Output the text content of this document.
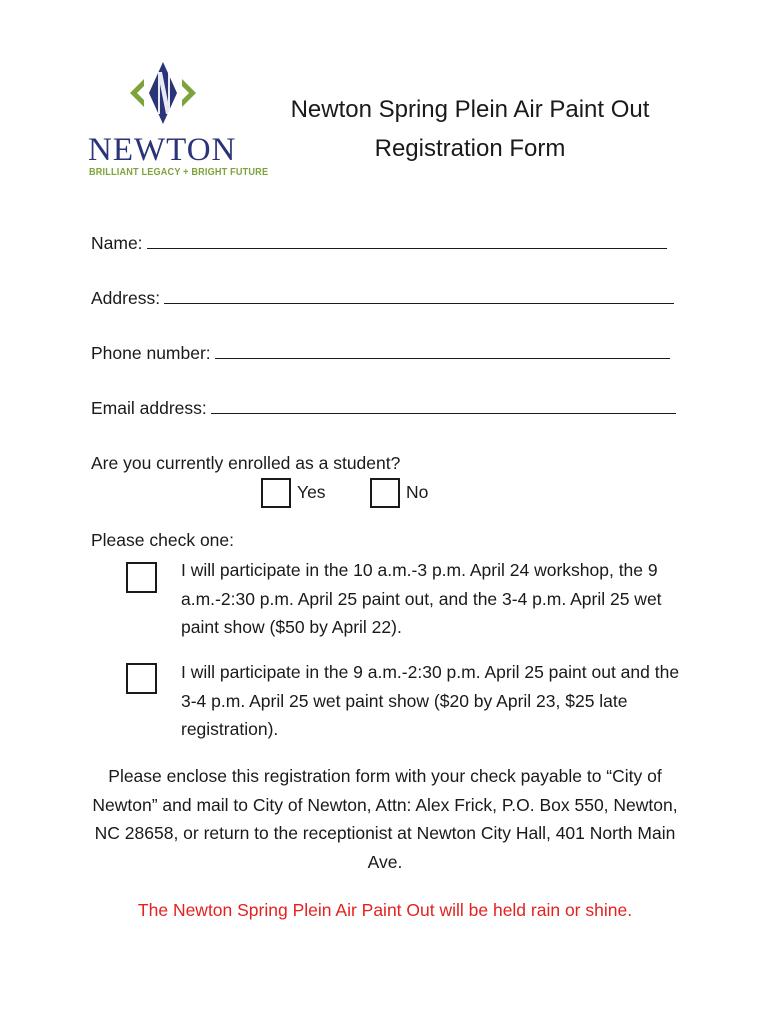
NEWTON
BRILLIANT LEGACY + BRIGHT FUTURE
Newton Spring Plein Air Paint Out
Registration Form
Name:
Address:
Phone number:
Email address:
Are you currently enrolled as a student?
Yes	No
Please check one:
I will participate in the 10 a.m.-3 p.m. April 24 workshop, the 9 a.m.-2:30 p.m. April 25 paint out, and the 3-4 p.m. April 25 wet paint show ($50 by April 22).
I will participate in the 9 a.m.-2:30 p.m. April 25 paint out and the 3-4 p.m. April 25 wet paint show ($20 by April 23, $25 late registration).
Please enclose this registration form with your check payable to “City of Newton” and mail to City of Newton, Attn: Alex Frick, P.O. Box 550, Newton, NC 28658, or return to the receptionist at Newton City Hall, 401 North Main Ave.
The Newton Spring Plein Air Paint Out will be held rain or shine.
